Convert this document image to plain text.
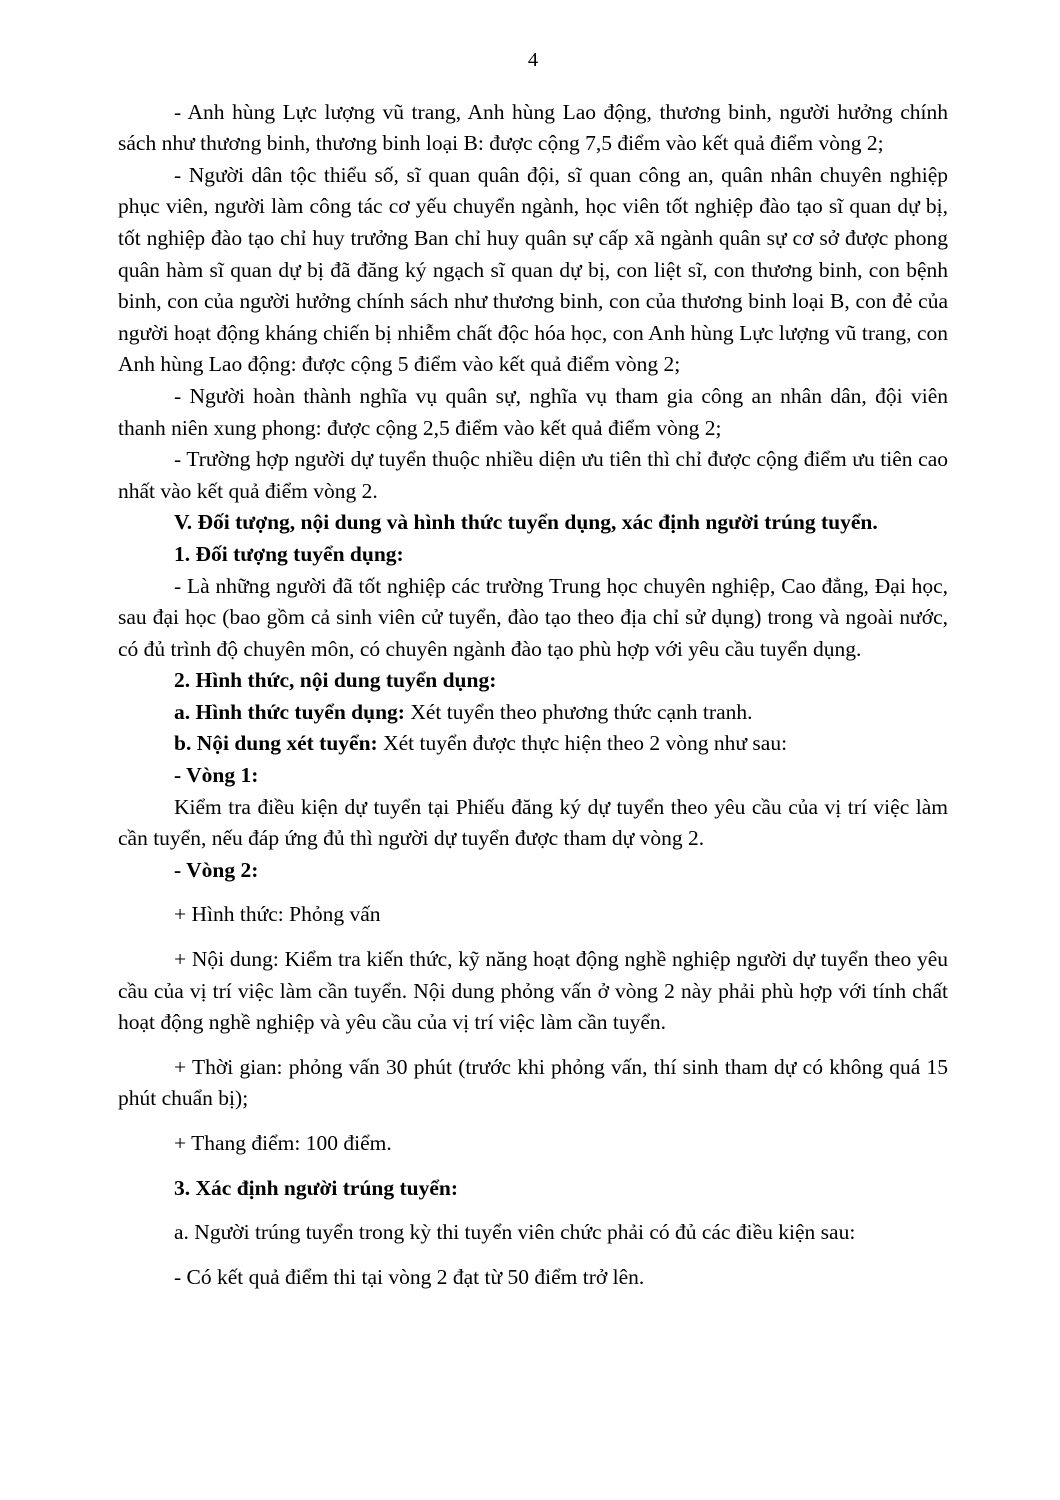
4

- Anh hùng Lực lượng vũ trang, Anh hùng Lao động, thương binh, người hưởng chính sách như thương binh, thương binh loại B: được cộng 7,5 điểm vào kết quả điểm vòng 2;

- Người dân tộc thiểu số, sĩ quan quân đội, sĩ quan công an, quân nhân chuyên nghiệp phục viên, người làm công tác cơ yếu chuyển ngành, học viên tốt nghiệp đào tạo sĩ quan dự bị, tốt nghiệp đào tạo chỉ huy trưởng Ban chỉ huy quân sự cấp xã ngành quân sự cơ sở được phong quân hàm sĩ quan dự bị đã đăng ký ngạch sĩ quan dự bị, con liệt sĩ, con thương binh, con bệnh binh, con của người hưởng chính sách như thương binh, con của thương binh loại B, con đẻ của người hoạt động kháng chiến bị nhiễm chất độc hóa học, con Anh hùng Lực lượng vũ trang, con Anh hùng Lao động: được cộng 5 điểm vào kết quả điểm vòng 2;

- Người hoàn thành nghĩa vụ quân sự, nghĩa vụ tham gia công an nhân dân, đội viên thanh niên xung phong: được cộng 2,5 điểm vào kết quả điểm vòng 2;

- Trường hợp người dự tuyển thuộc nhiều diện ưu tiên thì chỉ được cộng điểm ưu tiên cao nhất vào kết quả điểm vòng 2.

V. Đối tượng, nội dung và hình thức tuyển dụng, xác định người trúng tuyển.

1. Đối tượng tuyển dụng:

- Là những người đã tốt nghiệp các trường Trung học chuyên nghiệp, Cao đẳng, Đại học, sau đại học (bao gồm cả sinh viên cử tuyển, đào tạo theo địa chỉ sử dụng) trong và ngoài nước, có đủ trình độ chuyên môn, có chuyên ngành đào tạo phù hợp với yêu cầu tuyển dụng.

2. Hình thức, nội dung tuyển dụng:

a. Hình thức tuyển dụng: Xét tuyển theo phương thức cạnh tranh.

b. Nội dung xét tuyển: Xét tuyển được thực hiện theo 2 vòng như sau:

- Vòng 1:

Kiểm tra điều kiện dự tuyển tại Phiếu đăng ký dự tuyển theo yêu cầu của vị trí việc làm cần tuyển, nếu đáp ứng đủ thì người dự tuyển được tham dự vòng 2.

- Vòng 2:

+ Hình thức: Phỏng vấn

+ Nội dung: Kiểm tra kiến thức, kỹ năng hoạt động nghề nghiệp người dự tuyển theo yêu cầu của vị trí việc làm cần tuyển. Nội dung phỏng vấn ở vòng 2 này phải phù hợp với tính chất hoạt động nghề nghiệp và yêu cầu của vị trí việc làm cần tuyển.

+ Thời gian: phỏng vấn 30 phút (trước khi phỏng vấn, thí sinh tham dự có không quá 15 phút chuẩn bị);

+ Thang điểm: 100 điểm.

3. Xác định người trúng tuyển:

a. Người trúng tuyển trong kỳ thi tuyển viên chức phải có đủ các điều kiện sau:

- Có kết quả điểm thi tại vòng 2 đạt từ 50 điểm trở lên.
